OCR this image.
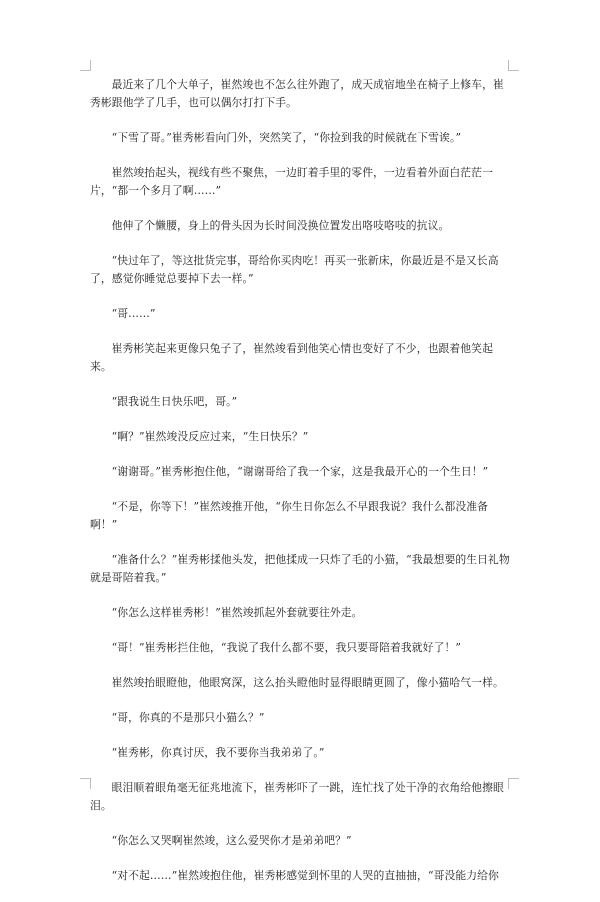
最近来了几个大单子，崔然竣也不怎么往外跑了，成天成宿地坐在椅子上修车，崔秀彬跟他学了几手，也可以偶尔打打下手。

“下雪了哥。”崔秀彬看向门外，突然笑了，“你捡到我的时候就在下雪诶。”

崔然竣抬起头，视线有些不聚焦，一边盯着手里的零件，一边看着外面白茫茫一片，“都一个多月了啊……”

他伸了个懒腰，身上的骨头因为长时间没换位置发出咯吱咯吱的抗议。

“快过年了，等这批货完事，哥给你买肉吃！再买一张新床，你最近是不是又长高了，感觉你睡觉总要掉下去一样。”

“哥……”

崔秀彬笑起来更像只兔子了，崔然竣看到他笑心情也变好了不少，也跟着他笑起来。

“跟我说生日快乐吧，哥。”

“啊？”崔然竣没反应过来，“生日快乐？”

“谢谢哥。”崔秀彬抱住他，“谢谢哥给了我一个家，这是我最开心的一个生日！”

“不是，你等下！”崔然竣推开他，“你生日你怎么不早跟我说？我什么都没准备啊！”

“准备什么？”崔秀彬揉他头发，把他揉成一只炸了毛的小猫，“我最想要的生日礼物就是哥陪着我。”

“你怎么这样崔秀彬！”崔然竣抓起外套就要往外走。

“哥！”崔秀彬拦住他，“我说了我什么都不要，我只要哥陪着我就好了！”

崔然竣抬眼瞪他，他眼窝深，这么抬头瞪他时显得眼睛更圆了，像小猫哈气一样。

“哥，你真的不是那只小猫么？”

“崔秀彬，你真讨厌，我不要你当我弟弟了。”

眼泪顺着眼角毫无征兆地流下，崔秀彬吓了一跳，连忙找了处干净的衣角给他擦眼泪。

“你怎么又哭啊崔然竣，这么爱哭你才是弟弟吧？”

“对不起……”崔然竣抱住他，崔秀彬感觉到怀里的人哭的直抽抽，“哥没能力给你
